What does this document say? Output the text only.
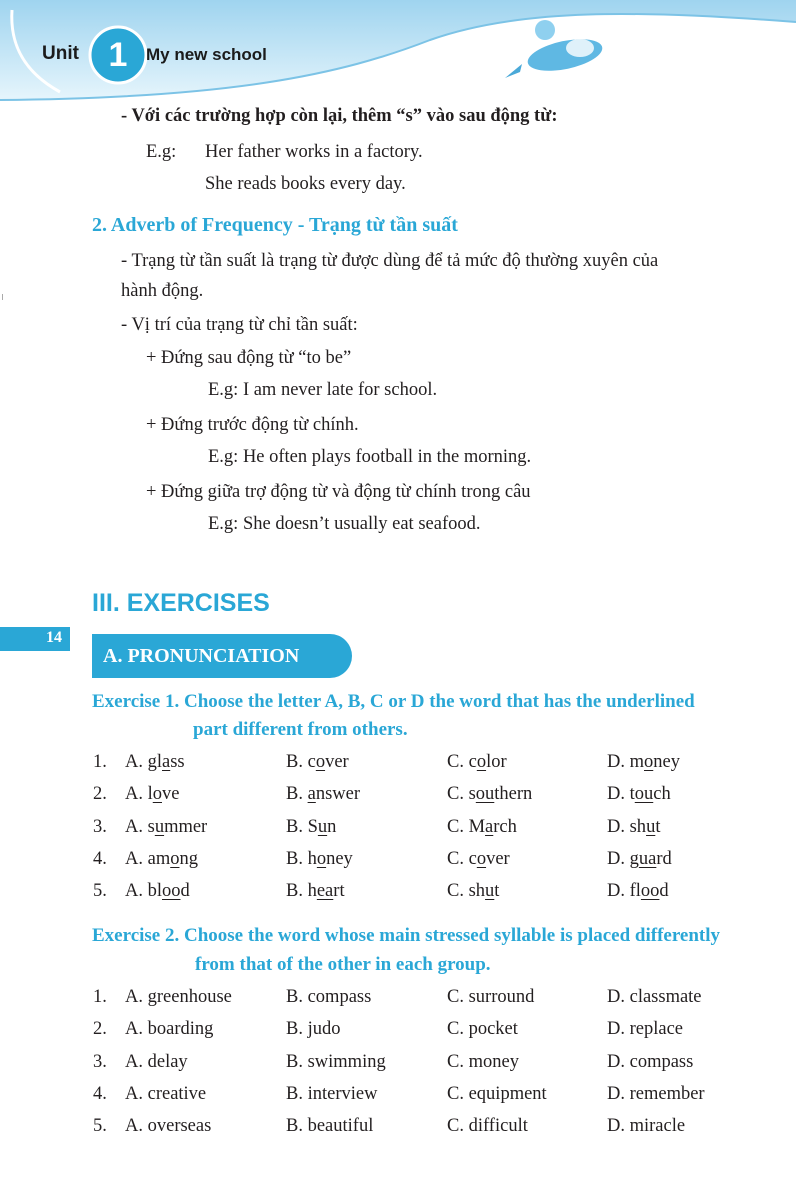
Unit 1	My new school
- Với các trường hợp còn lại, thêm “s” vào sau động từ:
E.g: Her father works in a factory.
She reads books every day.
2. Adverb of Frequency - Trạng từ tần suất
- Trạng từ tần suất là trạng từ được dùng để tả mức độ thường xuyên của
hành động.
- Vị trí của trạng từ chỉ tần suất:
+ Đứng sau động từ “to be”
E.g: I am never late for school.
+ Đứng trước động từ chính.
E.g: He often plays football in the morning.
+ Đứng giữa trợ động từ và động từ chính trong câu
E.g: She doesn’t usually eat seafood.
III. EXERCISES
14
A. PRONUNCIATION
Exercise 1. Choose the letter A, B, C or D the word that has the underlined
part different from others.
1. A. glass	B. cover	C. color	D. money
2. A. love	B. answer	C. southern	D. touch
3. A. summer	B. Sun	C. March	D. shut
4. A. among	B. honey	C. cover	D. guard
5. A. blood	B. heart	C. shut	D. flood
Exercise 2. Choose the word whose main stressed syllable is placed differently
from that of the other in each group.
1. A. greenhouse	B. compass	C. surround	D. classmate
2. A. boarding	B. judo	C. pocket	D. replace
3. A. delay	B. swimming	C. money	D. compass
4. A. creative	B. interview	C. equipment	D. remember
5. A. overseas	B. beautiful	C. difficult	D. miracle
